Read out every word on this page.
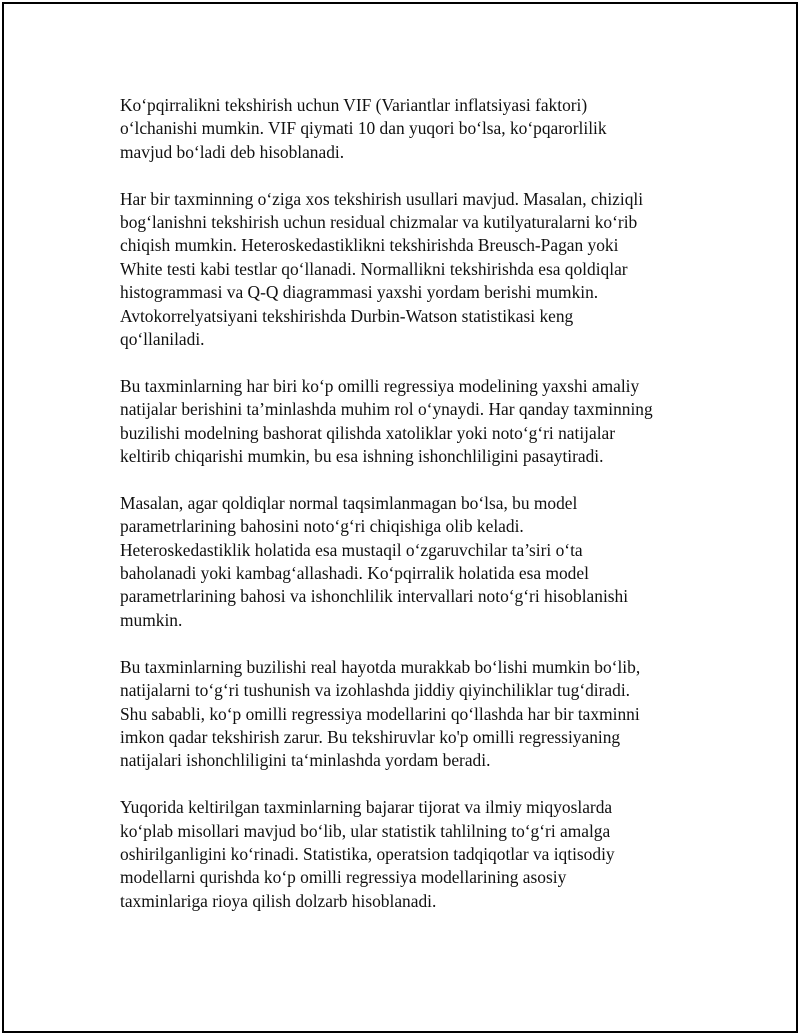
Ko‘pqirralikni tekshirish uchun VIF (Variantlar inflatsiyasi faktori)
o‘lchanishi mumkin. VIF qiymati 10 dan yuqori bo‘lsa, ko‘pqarorlilik
mavjud bo‘ladi deb hisoblanadi.

Har bir taxminning o‘ziga xos tekshirish usullari mavjud. Masalan, chiziqli
bog‘lanishni tekshirish uchun residual chizmalar va kutilyaturalarni ko‘rib
chiqish mumkin. Heteroskedastiklikni tekshirishda Breusch-Pagan yoki
White testi kabi testlar qo‘llanadi. Normallikni tekshirishda esa qoldiqlar
histogrammasi va Q-Q diagrammasi yaxshi yordam berishi mumkin.
Avtokorrelyatsiyani tekshirishda Durbin-Watson statistikasi keng
qo‘llaniladi.

Bu taxminlarning har biri ko‘p omilli regressiya modelining yaxshi amaliy
natijalar berishini ta’minlashda muhim rol o‘ynaydi. Har qanday taxminning
buzilishi modelning bashorat qilishda xatoliklar yoki noto‘g‘ri natijalar
keltirib chiqarishi mumkin, bu esa ishning ishonchliligini pasaytiradi.

Masalan, agar qoldiqlar normal taqsimlanmagan bo‘lsa, bu model
parametrlarining bahosini noto‘g‘ri chiqishiga olib keladi.
Heteroskedastiklik holatida esa mustaqil o‘zgaruvchilar ta’siri o‘ta
baholanadi yoki kambag‘allashadi. Ko‘pqirralik holatida esa model
parametrlarining bahosi va ishonchlilik intervallari noto‘g‘ri hisoblanishi
mumkin.

Bu taxminlarning buzilishi real hayotda murakkab bo‘lishi mumkin bo‘lib,
natijalarni to‘g‘ri tushunish va izohlashda jiddiy qiyinchiliklar tug‘diradi.
Shu sababli, ko‘p omilli regressiya modellarini qo‘llashda har bir taxminni
imkon qadar tekshirish zarur. Bu tekshiruvlar ko'p omilli regressiyaning
natijalari ishonchliligini ta‘minlashda yordam beradi.

Yuqorida keltirilgan taxminlarning bajarar tijorat va ilmiy miqyoslarda
ko‘plab misollari mavjud bo‘lib, ular statistik tahlilning to‘g‘ri amalga
oshirilganligini ko‘rinadi. Statistika, operatsion tadqiqotlar va iqtisodiy
modellarni qurishda ko‘p omilli regressiya modellarining asosiy
taxminlariga rioya qilish dolzarb hisoblanadi.
